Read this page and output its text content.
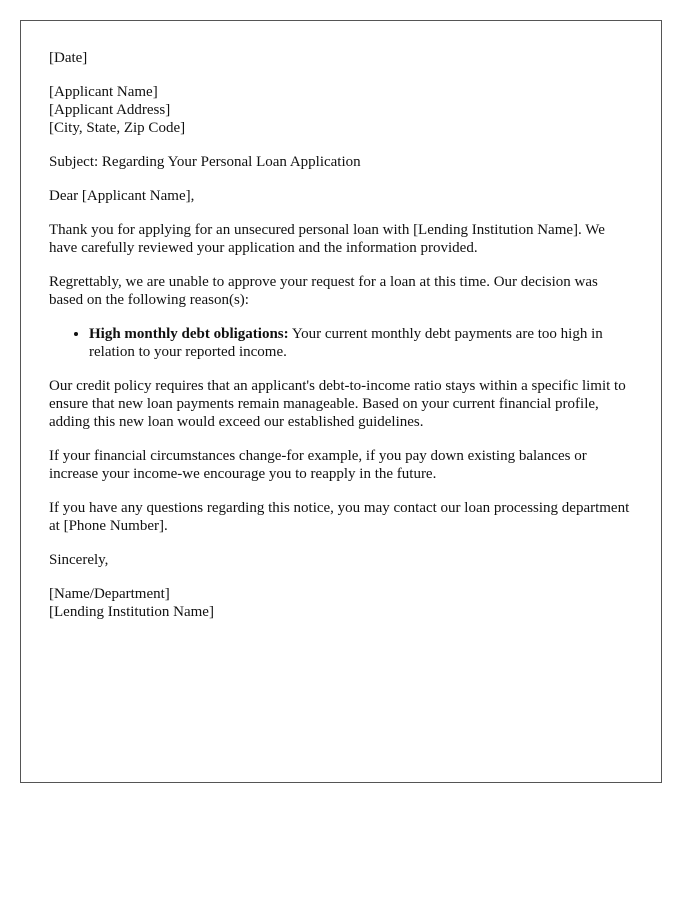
[Date]

[Applicant Name]
[Applicant Address]
[City, State, Zip Code]

Subject: Regarding Your Personal Loan Application

Dear [Applicant Name],

Thank you for applying for an unsecured personal loan with [Lending Institution Name]. We have carefully reviewed your application and the information provided.

Regrettably, we are unable to approve your request for a loan at this time. Our decision was based on the following reason(s):

• High monthly debt obligations: Your current monthly debt payments are too high in relation to your reported income.

Our credit policy requires that an applicant's debt-to-income ratio stays within a specific limit to ensure that new loan payments remain manageable. Based on your current financial profile, adding this new loan would exceed our established guidelines.

If your financial circumstances change-for example, if you pay down existing balances or increase your income-we encourage you to reapply in the future.

If you have any questions regarding this notice, you may contact our loan processing department at [Phone Number].

Sincerely,

[Name/Department]
[Lending Institution Name]
